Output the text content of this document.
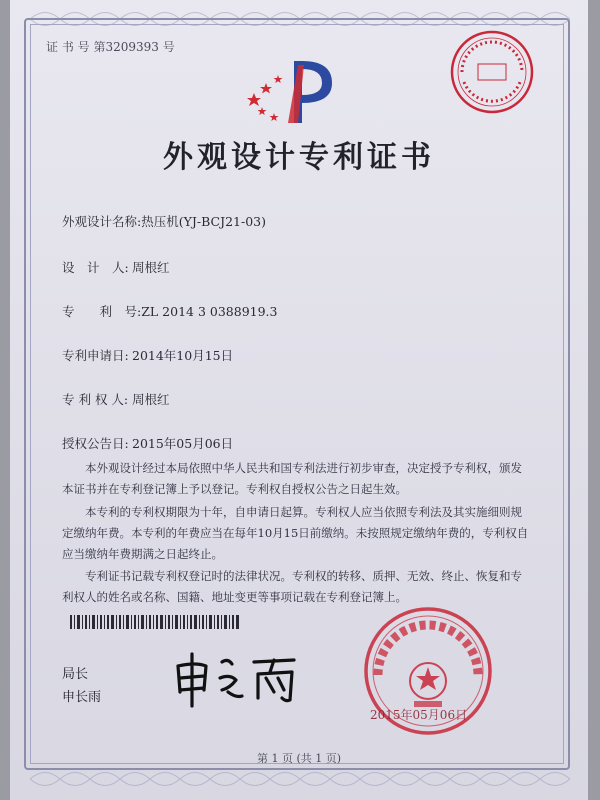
证 书 号 第3209393 号
外观设计专利证书
外观设计名称:热压机(YJ-BCJ21-03)
设　计　人: 周根红
专　　利　号:ZL 2014 3 0388919.3
专利申请日: 2014年10月15日
专 利 权 人: 周根红
授权公告日: 2015年05月06日
本外观设计经过本局依照中华人民共和国专利法进行初步审查，决定授予专利权，颁发本证书并在专利登记簿上予以登记。专利权自授权公告之日起生效。
本专利的专利权期限为十年，自申请日起算。专利权人应当依照专利法及其实施细则规定缴纳年费。本专利的年费应当在每年10月15日前缴纳。未按照规定缴纳年费的，专利权自应当缴纳年费期满之日起终止。
专利证书记载专利权登记时的法律状况。专利权的转移、质押、无效、终止、恢复和专利权人的姓名或名称、国籍、地址变更等事项记载在专利登记簿上。
局长
申长雨
2015年05月06日
第 1 页 (共 1 页)
